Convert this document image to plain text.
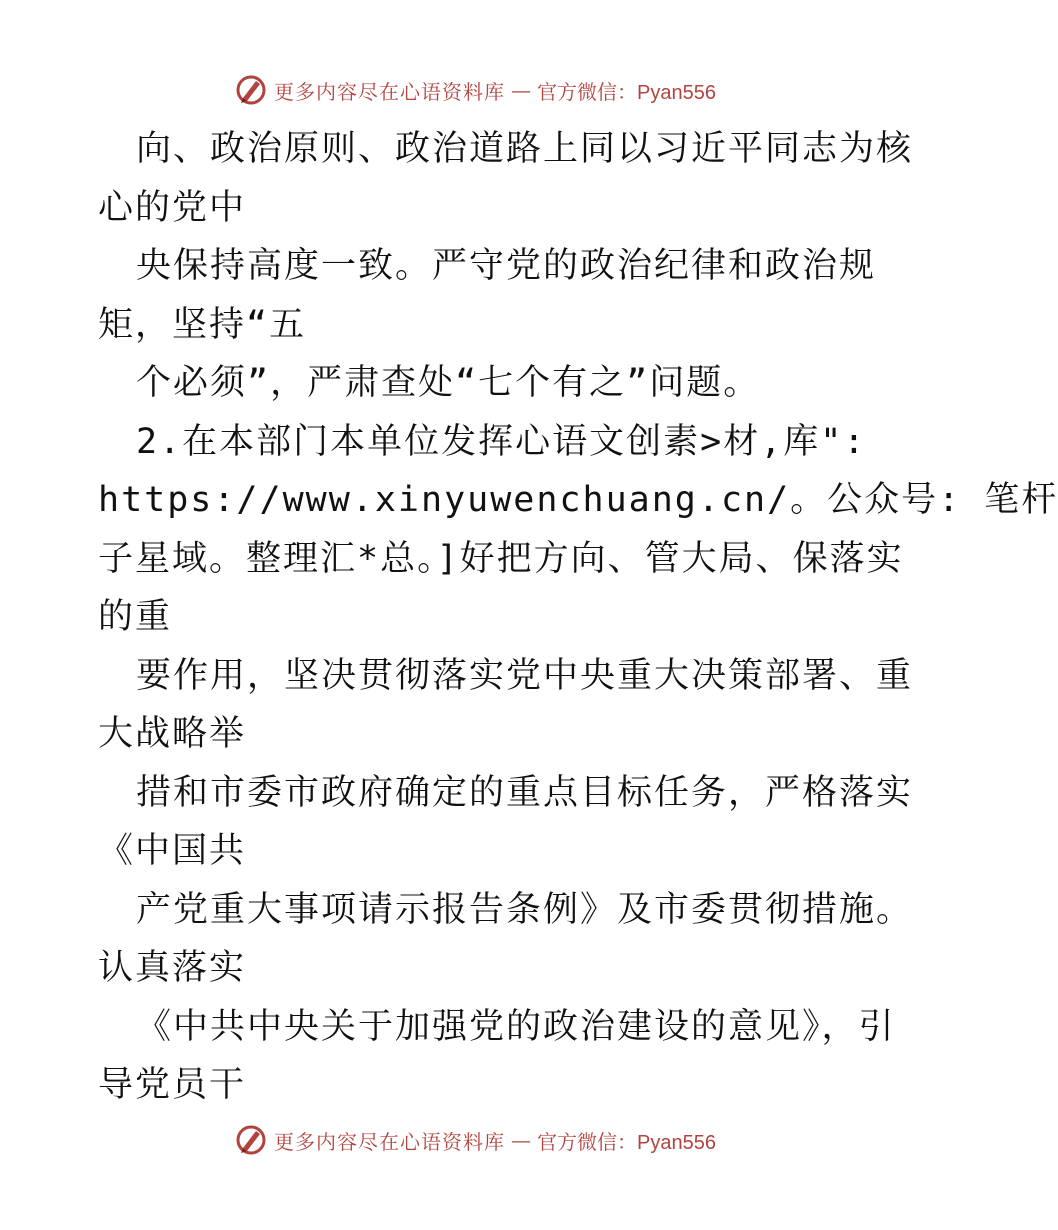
更多内容尽在心语资料库 — 官方微信：Pyan556
向、政治原则、政治道路上同以习近平同志为核
心的党中
央保持高度一致。严守党的政治纪律和政治规
矩，坚持“五
个必须”，严肃查处“七个有之”问题。
2.在本部门本单位发挥心语文创素>材,库":
https://www.xinyuwenchuang.cn/。公众号: 笔杆
子星域。整理汇*总。]好把方向、管大局、保落实
的重
要作用，坚决贯彻落实党中央重大决策部署、重
大战略举
措和市委市政府确定的重点目标任务，严格落实
《中国共
产党重大事项请示报告条例》及市委贯彻措施。
认真落实
《中共中央关于加强党的政治建设的意见》，引
导党员干
更多内容尽在心语资料库 — 官方微信：Pyan556
